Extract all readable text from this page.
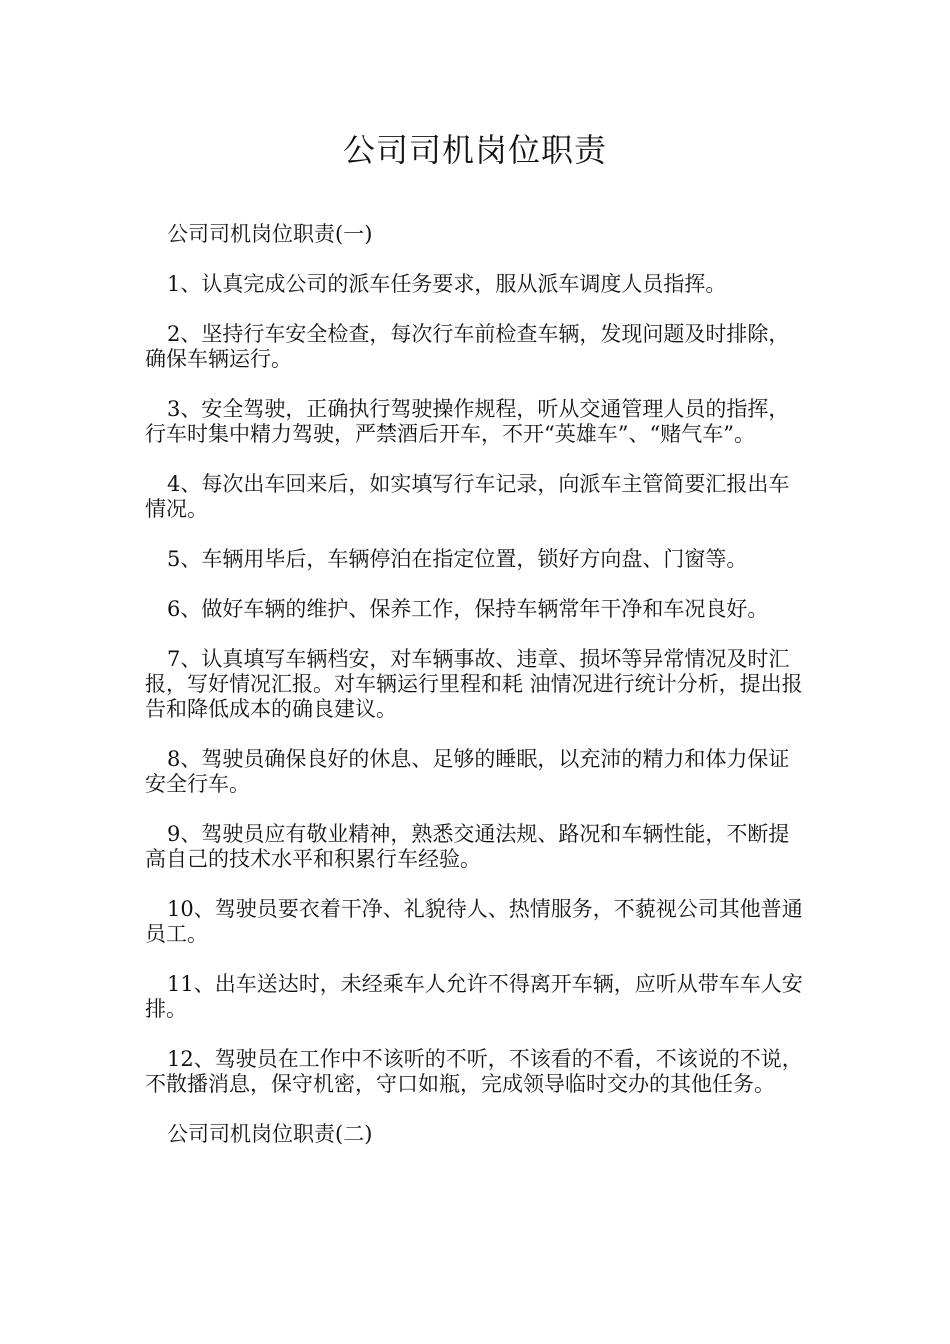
公司司机岗位职责

公司司机岗位职责(一)

1、认真完成公司的派车任务要求，服从派车调度人员指挥。

2、坚持行车安全检查，每次行车前检查车辆，发现问题及时排除，确保车辆运行。

3、安全驾驶，正确执行驾驶操作规程，听从交通管理人员的指挥，行车时集中精力驾驶，严禁酒后开车，不开“英雄车”、“赌气车”。

4、每次出车回来后，如实填写行车记录，向派车主管简要汇报出车情况。

5、车辆用毕后，车辆停泊在指定位置，锁好方向盘、门窗等。

6、做好车辆的维护、保养工作，保持车辆常年干净和车况良好。

7、认真填写车辆档安，对车辆事故、违章、损坏等异常情况及时汇报，写好情况汇报。对车辆运行里程和耗 油情况进行统计分析，提出报告和降低成本的确良建议。

8、驾驶员确保良好的休息、足够的睡眠，以充沛的精力和体力保证安全行车。

9、驾驶员应有敬业精神，熟悉交通法规、路况和车辆性能，不断提高自己的技术水平和积累行车经验。

10、驾驶员要衣着干净、礼貌待人、热情服务，不藐视公司其他普通员工。

11、出车送达时，未经乘车人允许不得离开车辆，应听从带车车人安排。

12、驾驶员在工作中不该听的不听，不该看的不看，不该说的不说，不散播消息，保守机密，守口如瓶，完成领导临时交办的其他任务。

公司司机岗位职责(二)
